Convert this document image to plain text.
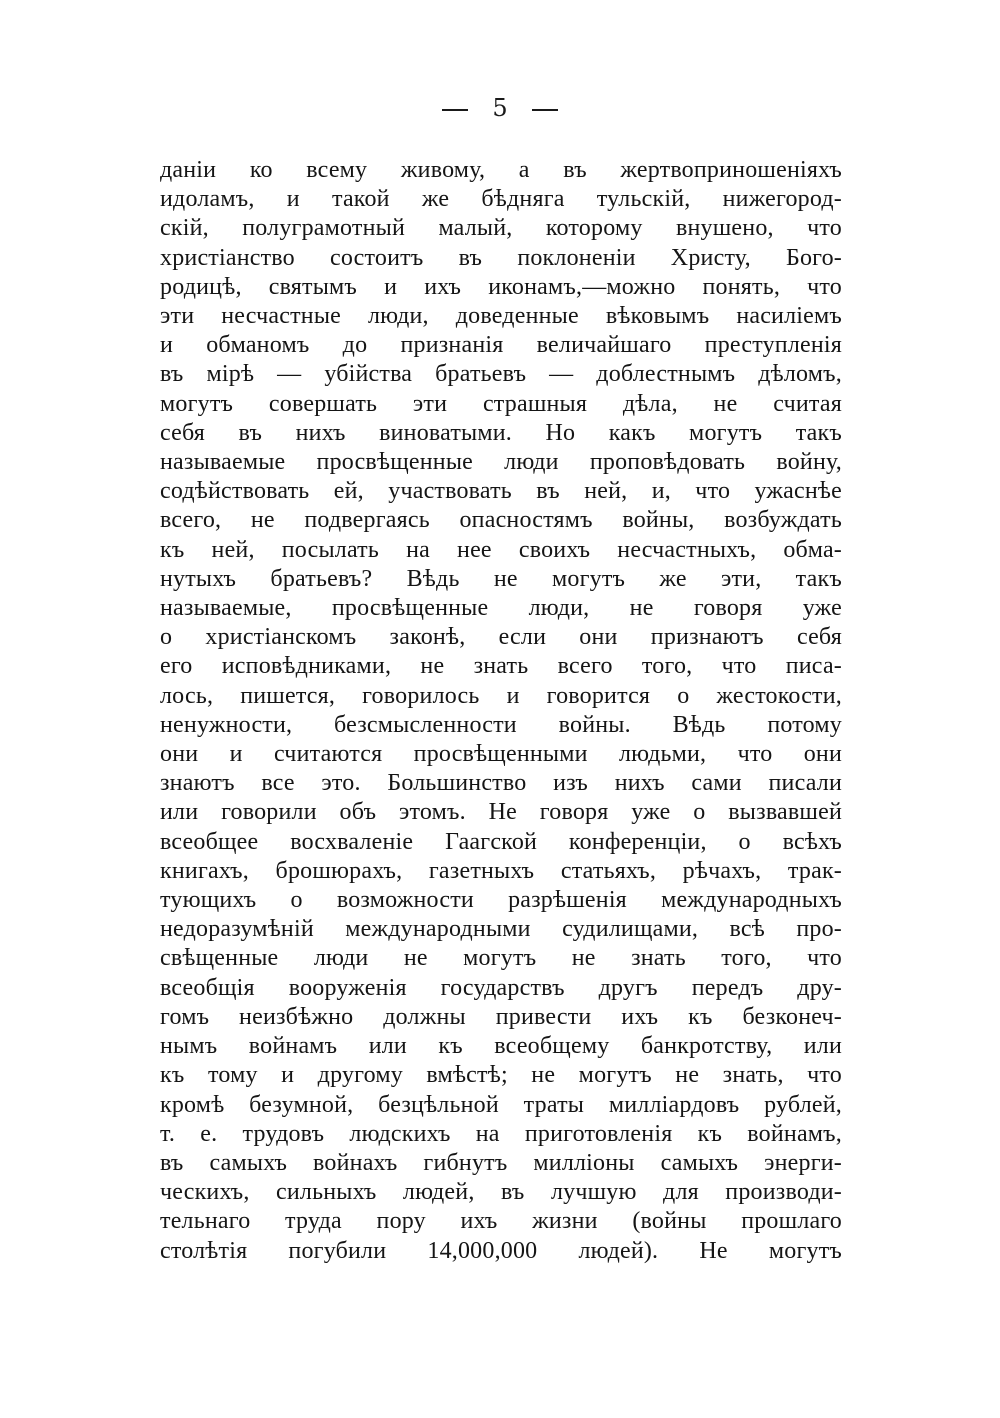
5
данiи ко всему живому, а въ жертвоприношенiяхъ
идоламъ, и такой же бѣдняга тульскiй, нижегород-
скiй, полуграмотный малый, которому внушено, что
христiанство состоитъ въ поклоненiи Христу, Бого-
родицѣ, святымъ и ихъ иконамъ,—можно понять, что
эти несчастные люди, доведенные вѣковымъ насилiемъ
и обманомъ до признанiя величайшаго преступленiя
въ мiрѣ — убiйства братьевъ — доблестнымъ дѣломъ,
могутъ совершать эти страшныя дѣла, не считая
себя въ нихъ виноватыми. Но какъ могутъ такъ
называемые просвѣщенные люди проповѣдовать войну,
содѣйствовать ей, участвовать въ ней, и, что ужаснѣе
всего, не подвергаясь опасностямъ войны, возбуждать
къ ней, посылать на нее своихъ несчастныхъ, обма-
нутыхъ братьевъ? Вѣдь не могутъ же эти, такъ
называемые, просвѣщенные люди, не говоря уже
о христiанскомъ законѣ, если они признаютъ себя
его исповѣдниками, не знать всего того, что писа-
лось, пишется, говорилось и говорится о жестокости,
ненужности, безсмысленности войны. Вѣдь потому
они и считаются просвѣщенными людьми, что они
знаютъ все это. Большинство изъ нихъ сами писали
или говорили объ этомъ. Не говоря уже о вызвавшей
всеобщее восхваленiе Гаагской конференцiи, о всѣхъ
книгахъ, брошюрахъ, газетныхъ статьяхъ, рѣчахъ, трак-
тующихъ о возможности разрѣшенiя международныхъ
недоразумѣнiй международными судилищами, всѣ про-
свѣщенные люди не могутъ не знать того, что
всеобщiя вооруженiя государствъ другъ передъ дру-
гомъ неизбѣжно должны привести ихъ къ безконеч-
нымъ войнамъ или къ всеобщему банкротству, или
къ тому и другому вмѣстѣ; не могутъ не знать, что
кромѣ безумной, безцѣльной траты миллiардовъ рублей,
т. е. трудовъ людскихъ на приготовленiя къ войнамъ,
въ самыхъ войнахъ гибнутъ миллiоны самыхъ энерги-
ческихъ, сильныхъ людей, въ лучшую для производи-
тельнаго труда пору ихъ жизни (войны прошлаго
столѣтiя погубили 14,000,000 людей). Не могутъ
